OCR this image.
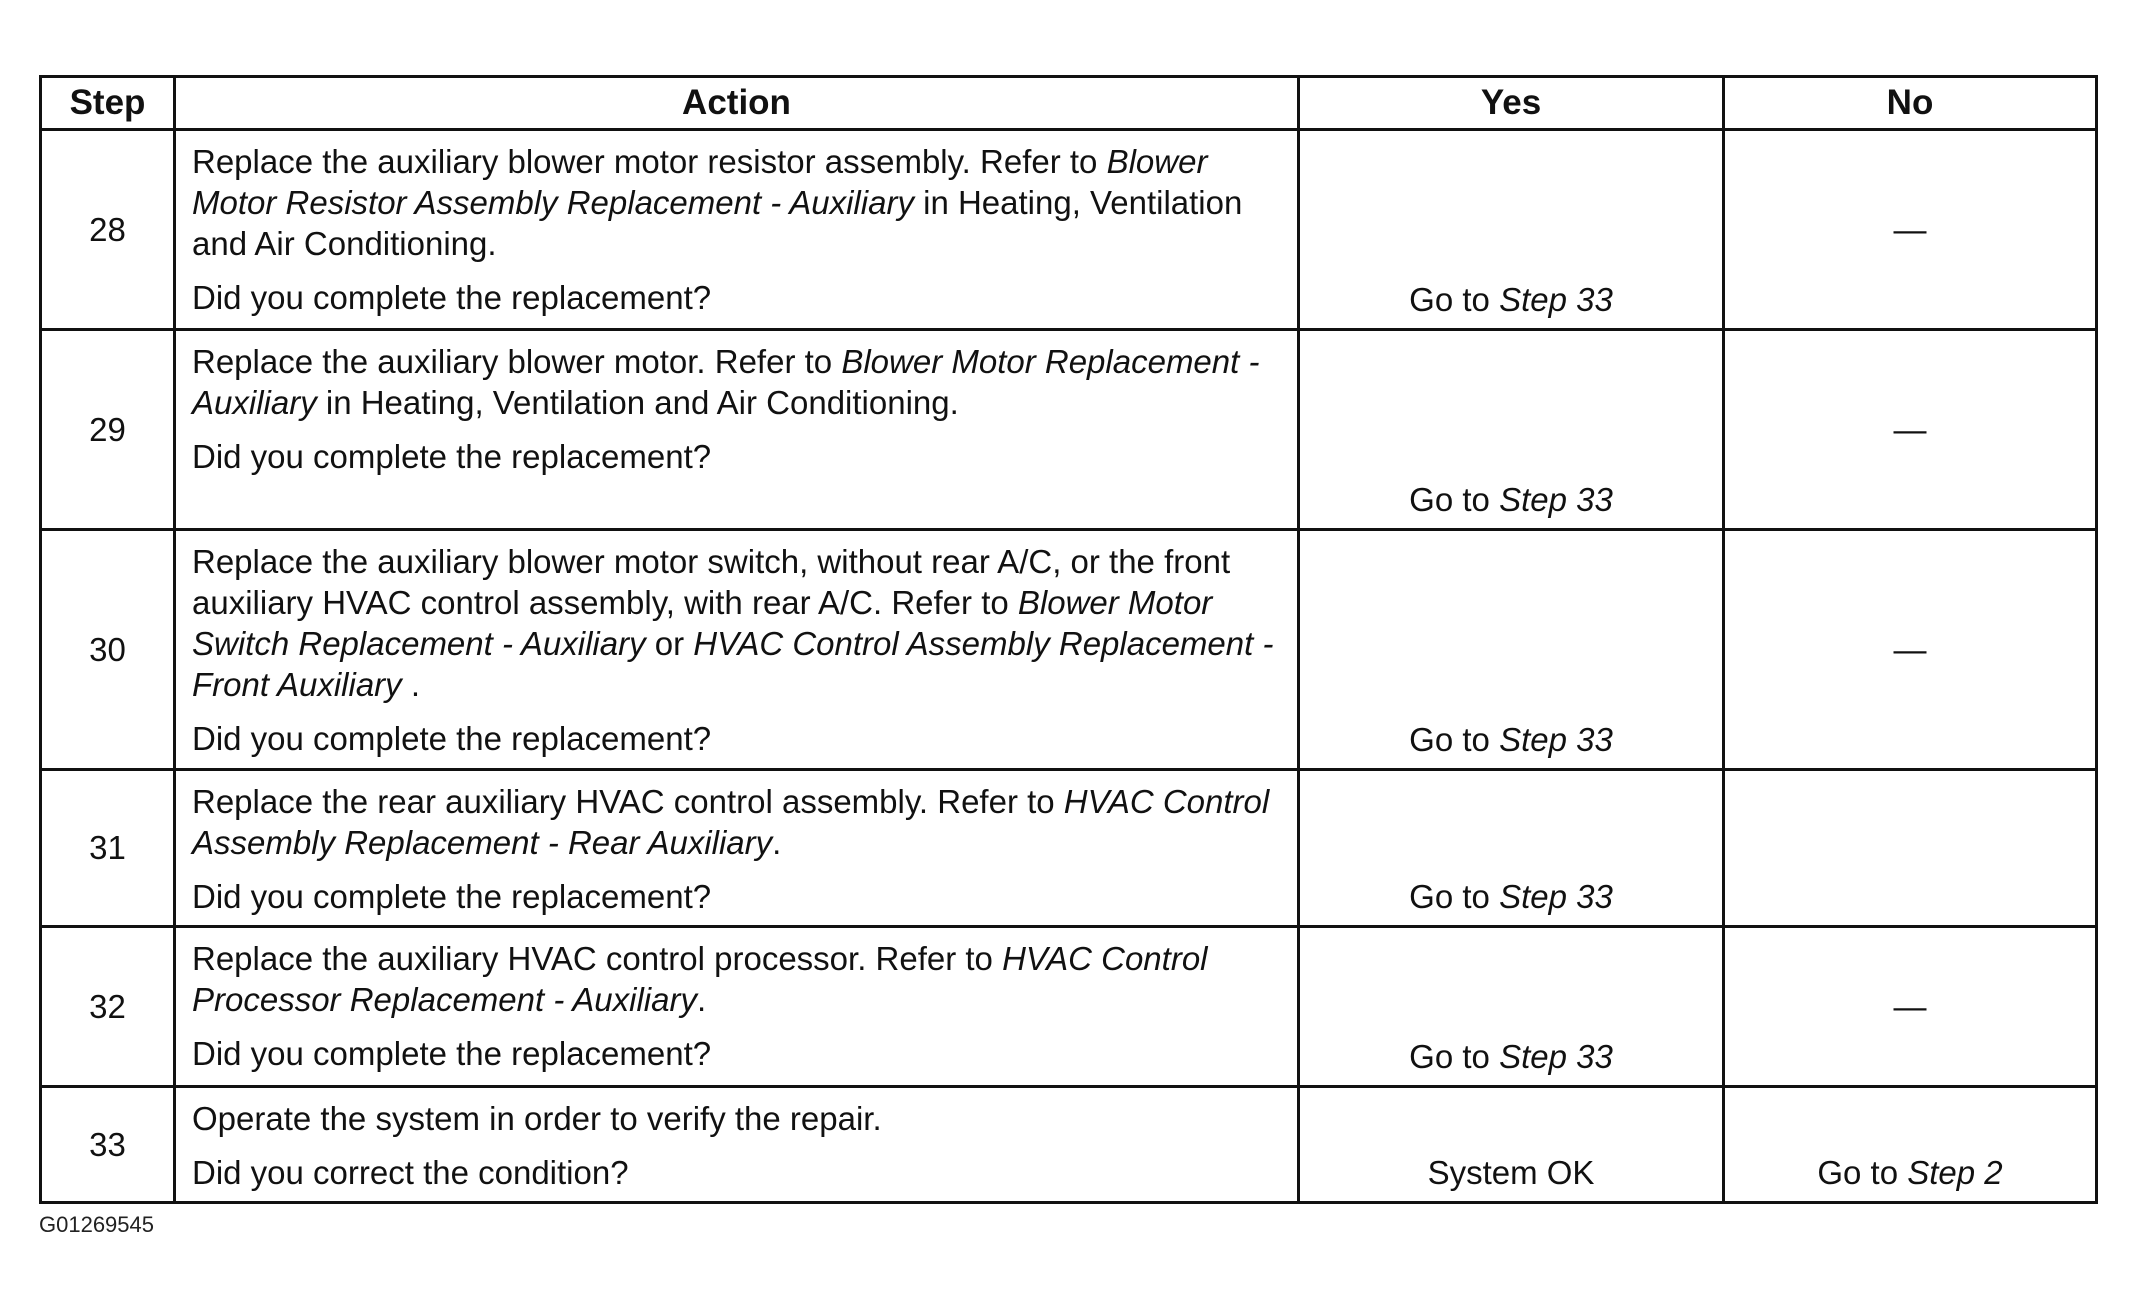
Step	Action	Yes	No
28	Replace the auxiliary blower motor resistor assembly. Refer to Blower Motor Resistor Assembly Replacement - Auxiliary in Heating, Ventilation and Air Conditioning.
Did you complete the replacement?	Go to Step 33	—

29	Replace the auxiliary blower motor. Refer to Blower Motor Replacement - Auxiliary in Heating, Ventilation and Air Conditioning.
Did you complete the replacement?	Go to Step 33	—

30	Replace the auxiliary blower motor switch, without rear A/C, or the front auxiliary HVAC control assembly, with rear A/C. Refer to Blower Motor Switch Replacement - Auxiliary or HVAC Control Assembly Replacement - Front Auxiliary .
Did you complete the replacement?	Go to Step 33	—

31	Replace the rear auxiliary HVAC control assembly. Refer to HVAC Control Assembly Replacement - Rear Auxiliary.
Did you complete the replacement?	Go to Step 33	

32	Replace the auxiliary HVAC control processor. Refer to HVAC Control Processor Replacement - Auxiliary.
Did you complete the replacement?	Go to Step 33	—

33	Operate the system in order to verify the repair.
Did you correct the condition?	System OK	Go to Step 2
G01269545
